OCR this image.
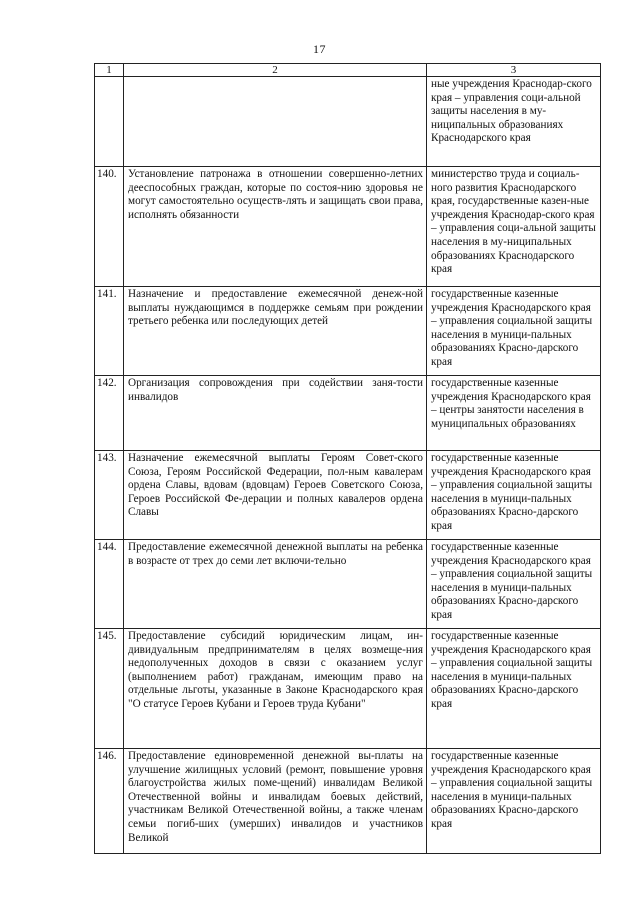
17
1	2	3
		ные учреждения Краснодар-ского края – управления соци-альной защиты населения в му-ниципальных образованиях Краснодарского края
140.	Установление патронажа в отношении совершенно-летних дееспособных граждан, которые по состоя-нию здоровья не могут самостоятельно осуществ-лять и защищать свои права, исполнять обязанности	министерство труда и социаль-ного развития Краснодарского края, государственные казен-ные учреждения Краснодар-ского края – управления соци-альной защиты населения в му-ниципальных образованиях Краснодарского края
141.	Назначение и предоставление ежемесячной денеж-ной выплаты нуждающимся в поддержке семьям при рождении третьего ребенка или последующих детей	государственные казенные учреждения Краснодарского края – управления социальной защиты населения в муници-пальных образованиях Красно-дарского края
142.	Организация сопровождения при содействии заня-тости инвалидов	государственные казенные учреждения Краснодарского края – центры занятости населения в муниципальных образованиях
143.	Назначение ежемесячной выплаты Героям Совет-ского Союза, Героям Российской Федерации, пол-ным кавалерам ордена Славы, вдовам (вдовцам) Героев Советского Союза, Героев Российской Фе-дерации и полных кавалеров ордена Славы	государственные казенные учреждения Краснодарского края – управления социальной защиты населения в муници-пальных образованиях Красно-дарского края
144.	Предоставление ежемесячной денежной выплаты на ребенка в возрасте от трех до семи лет включи-тельно	государственные казенные учреждения Краснодарского края – управления социальной защиты населения в муници-пальных образованиях Красно-дарского края
145.	Предоставление субсидий юридическим лицам, ин-дивидуальным предпринимателям в целях возмеще-ния недополученных доходов в связи с оказанием услуг (выполнением работ) гражданам, имеющим право на отдельные льготы, указанные в Законе Краснодарского края "О статусе Героев Кубани и Героев труда Кубани"	государственные казенные учреждения Краснодарского края – управления социальной защиты населения в муници-пальных образованиях Красно-дарского края
146.	Предоставление единовременной денежной вы-платы на улучшение жилищных условий (ремонт, повышение уровня благоустройства жилых поме-щений) инвалидам Великой Отечественной войны и инвалидам боевых действий, участникам Великой Отечественной войны, а также членам семьи погиб-ших (умерших) инвалидов и участников Великой	государственные казенные учреждения Краснодарского края – управления социальной защиты населения в муници-пальных образованиях Красно-дарского края
